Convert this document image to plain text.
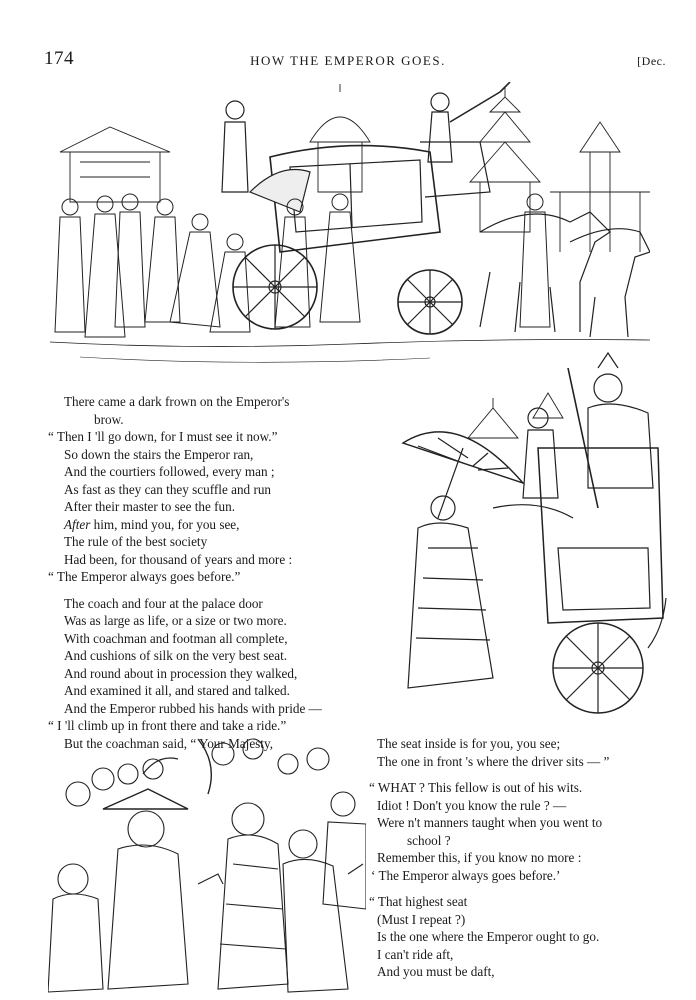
174	HOW THE EMPEROR GOES.	[Dec.
There came a dark frown on the Emperor's
brow.
“ Then I 'll go down, for I must see it now.”
So down the stairs the Emperor ran,
And the courtiers followed, every man ;
As fast as they can they scuffle and run
After their master to see the fun.
After him, mind you, for you see,
The rule of the best society
Had been, for thousand of years and more :
“ The Emperor always goes before.”
The coach and four at the palace door
Was as large as life, or a size or two more.
With coachman and footman all complete,
And cushions of silk on the very best seat.
And round about in procession they walked,
And examined it all, and stared and talked.
And the Emperor rubbed his hands with pride —
“ I 'll climb up in front there and take a ride.”
But the coachman said, “ Your Majesty,	The seat inside is for you, you see;
The one in front 's where the driver sits — ”
“ WHAT ? This fellow is out of his wits.
Idiot ! Don't you know the rule ? —
Were n't manners taught when you went to
school ?
Remember this, if you know no more :
‘ The Emperor always goes before.’
“ That highest seat
(Must I repeat ?)
Is the one where the Emperor ought to go.
I can't ride aft,
And you must be daft,
